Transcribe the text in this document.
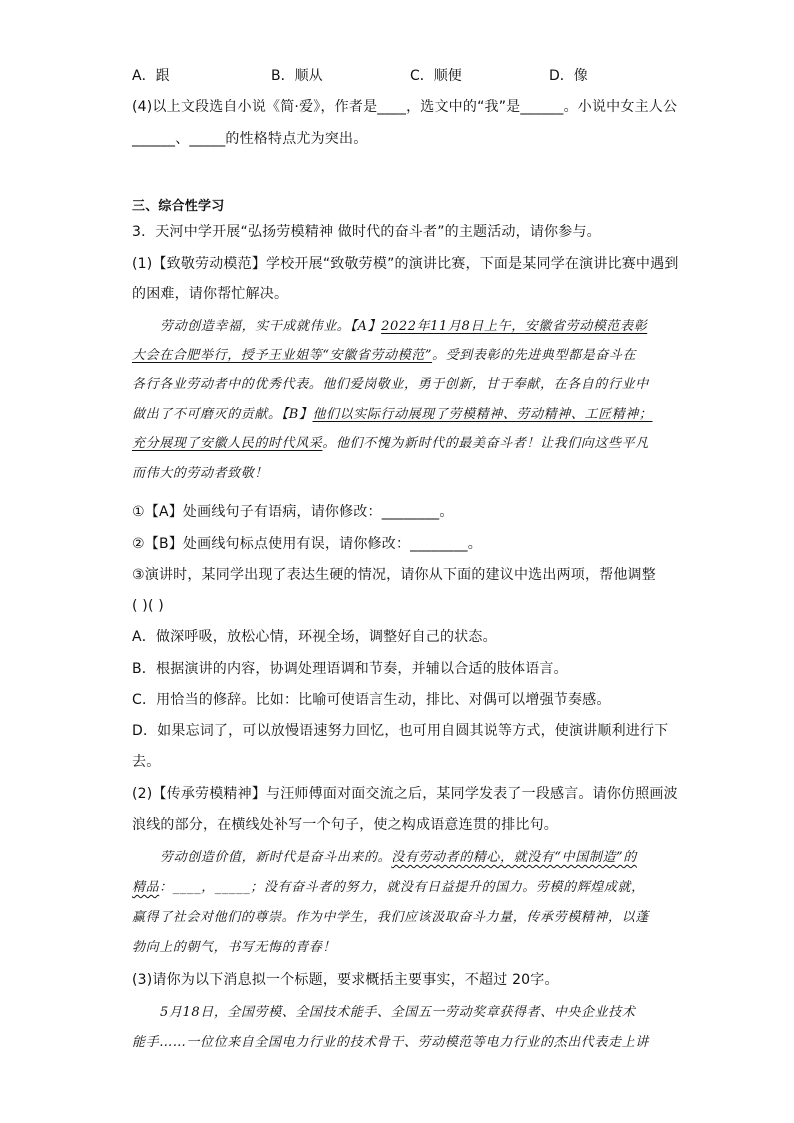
A．跟	B．顺从	C．顺便	D．像
(4)以上文段选自小说《简·爱》，作者是____，选文中的“我”是______。小说中女主人公
______、_____的性格特点尤为突出。
三、综合性学习
3．天河中学开展“弘扬劳模精神 做时代的奋斗者”的主题活动，请你参与。
(1)【致敬劳动模范】学校开展“致敬劳模”的演讲比赛，下面是某同学在演讲比赛中遇到
的困难，请你帮忙解决。
劳动创造幸福，实干成就伟业。【A】2022年11月8日上午，安徽省劳动模范表彰
大会在合肥举行，授予王业姐等“安徽省劳动模范”。受到表彰的先进典型都是奋斗在
各行各业劳动者中的优秀代表。他们爱岗敬业，勇于创新，甘于奉献，在各自的行业中
做出了不可磨灭的贡献。【B】他们以实际行动展现了劳模精神、劳动精神、工匠精神；
充分展现了安徽人民的时代风采。他们不愧为新时代的最美奋斗者！让我们向这些平凡
而伟大的劳动者致敬！
①【A】处画线句子有语病，请你修改：________。
②【B】处画线句标点使用有误，请你修改：________。
③演讲时，某同学出现了表达生硬的情况，请你从下面的建议中选出两项，帮他调整
( )( )
A．做深呼吸，放松心情，环视全场，调整好自己的状态。
B．根据演讲的内容，协调处理语调和节奏，并辅以合适的肢体语言。
C．用恰当的修辞。比如：比喻可使语言生动，排比、对偶可以增强节奏感。
D．如果忘词了，可以放慢语速努力回忆，也可用自圆其说等方式，使演讲顺利进行下
去。
(2)【传承劳模精神】与汪师傅面对面交流之后，某同学发表了一段感言。请你仿照画波
浪线的部分，在横线处补写一个句子，使之构成语意连贯的排比句。
劳动创造价值，新时代是奋斗出来的。没有劳动者的精心，就没有“中国制造”的
精品：____，_____；没有奋斗者的努力，就没有日益提升的国力。劳模的辉煌成就，
赢得了社会对他们的尊崇。作为中学生，我们应该汲取奋斗力量，传承劳模精神，以蓬
勃向上的朝气，书写无悔的青春！
(3)请你为以下消息拟一个标题，要求概括主要事实，不超过 20字。
5月18日，全国劳模、全国技术能手、全国五一劳动奖章获得者、中央企业技术
能手……一位位来自全国电力行业的技术骨干、劳动模范等电力行业的杰出代表走上讲
